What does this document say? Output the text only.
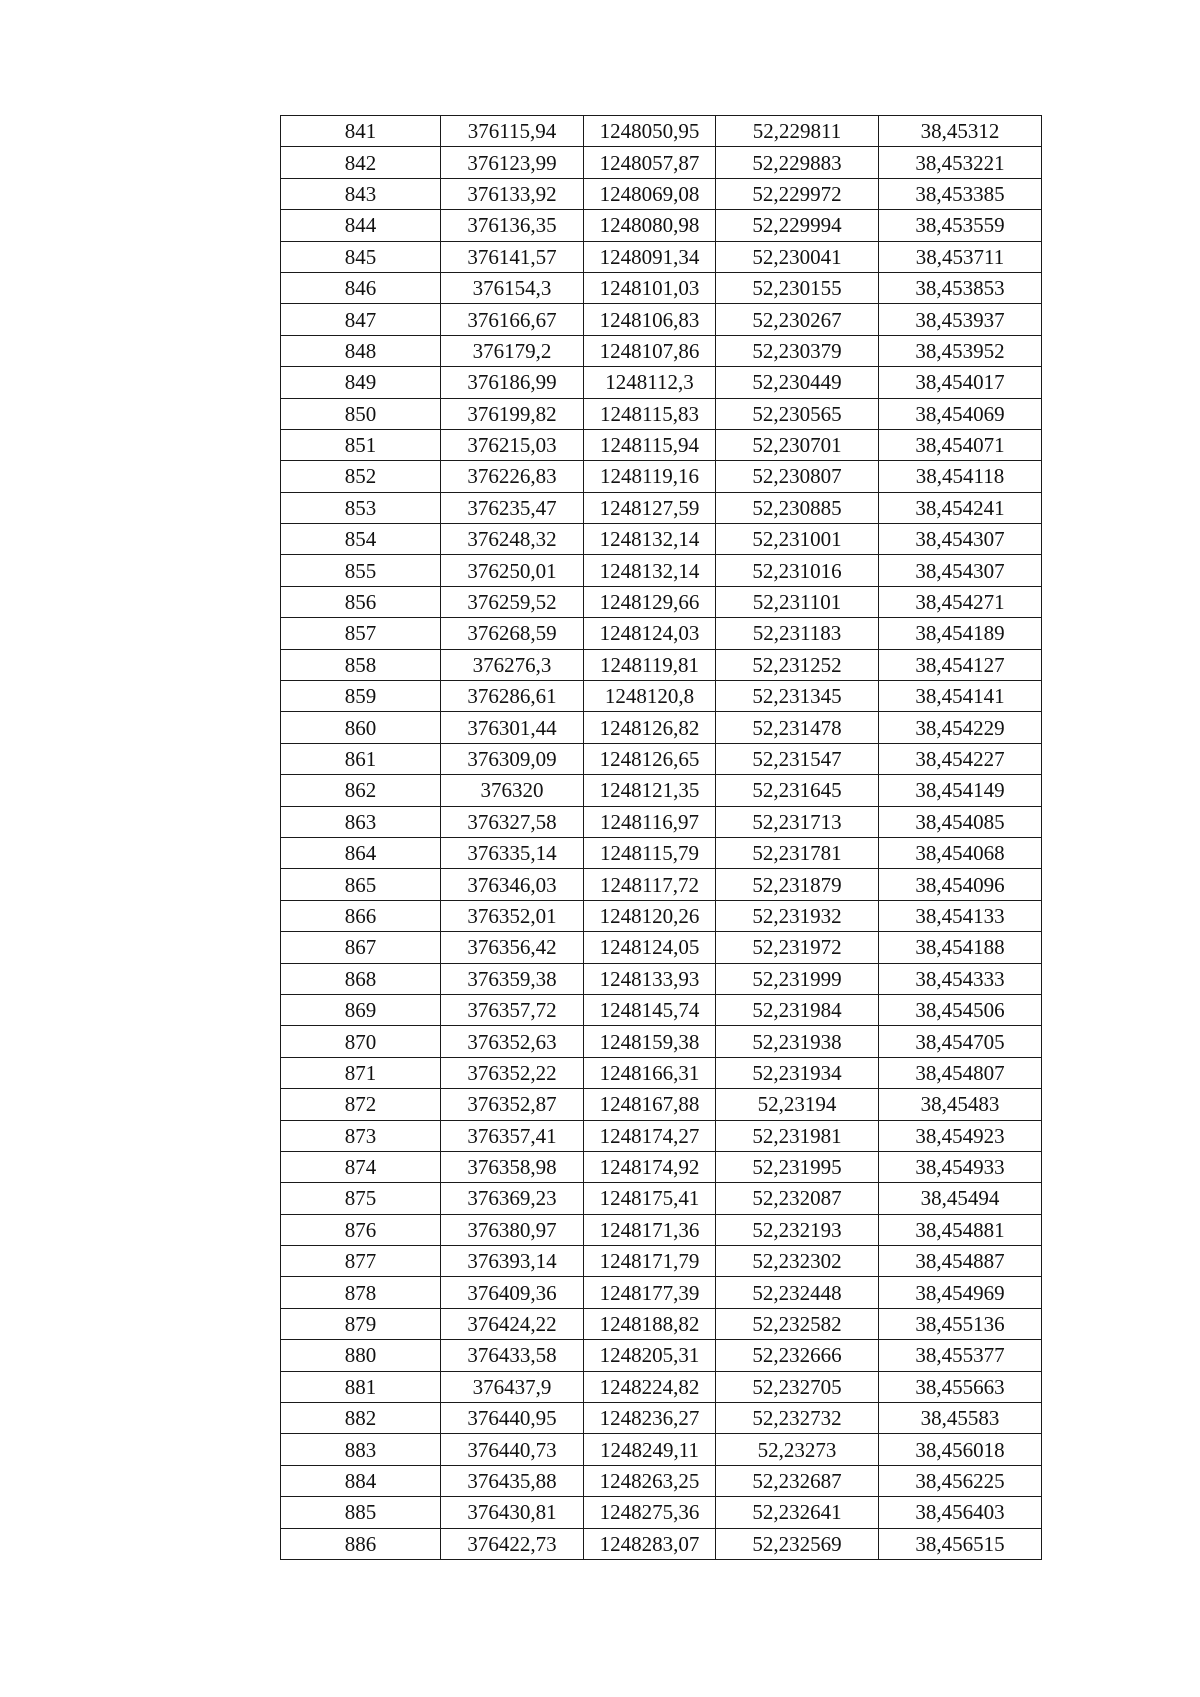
841	376115,94	1248050,95	52,229811	38,45312
842	376123,99	1248057,87	52,229883	38,453221
843	376133,92	1248069,08	52,229972	38,453385
844	376136,35	1248080,98	52,229994	38,453559
845	376141,57	1248091,34	52,230041	38,453711
846	376154,3	1248101,03	52,230155	38,453853
847	376166,67	1248106,83	52,230267	38,453937
848	376179,2	1248107,86	52,230379	38,453952
849	376186,99	1248112,3	52,230449	38,454017
850	376199,82	1248115,83	52,230565	38,454069
851	376215,03	1248115,94	52,230701	38,454071
852	376226,83	1248119,16	52,230807	38,454118
853	376235,47	1248127,59	52,230885	38,454241
854	376248,32	1248132,14	52,231001	38,454307
855	376250,01	1248132,14	52,231016	38,454307
856	376259,52	1248129,66	52,231101	38,454271
857	376268,59	1248124,03	52,231183	38,454189
858	376276,3	1248119,81	52,231252	38,454127
859	376286,61	1248120,8	52,231345	38,454141
860	376301,44	1248126,82	52,231478	38,454229
861	376309,09	1248126,65	52,231547	38,454227
862	376320	1248121,35	52,231645	38,454149
863	376327,58	1248116,97	52,231713	38,454085
864	376335,14	1248115,79	52,231781	38,454068
865	376346,03	1248117,72	52,231879	38,454096
866	376352,01	1248120,26	52,231932	38,454133
867	376356,42	1248124,05	52,231972	38,454188
868	376359,38	1248133,93	52,231999	38,454333
869	376357,72	1248145,74	52,231984	38,454506
870	376352,63	1248159,38	52,231938	38,454705
871	376352,22	1248166,31	52,231934	38,454807
872	376352,87	1248167,88	52,23194	38,45483
873	376357,41	1248174,27	52,231981	38,454923
874	376358,98	1248174,92	52,231995	38,454933
875	376369,23	1248175,41	52,232087	38,45494
876	376380,97	1248171,36	52,232193	38,454881
877	376393,14	1248171,79	52,232302	38,454887
878	376409,36	1248177,39	52,232448	38,454969
879	376424,22	1248188,82	52,232582	38,455136
880	376433,58	1248205,31	52,232666	38,455377
881	376437,9	1248224,82	52,232705	38,455663
882	376440,95	1248236,27	52,232732	38,45583
883	376440,73	1248249,11	52,23273	38,456018
884	376435,88	1248263,25	52,232687	38,456225
885	376430,81	1248275,36	52,232641	38,456403
886	376422,73	1248283,07	52,232569	38,456515
